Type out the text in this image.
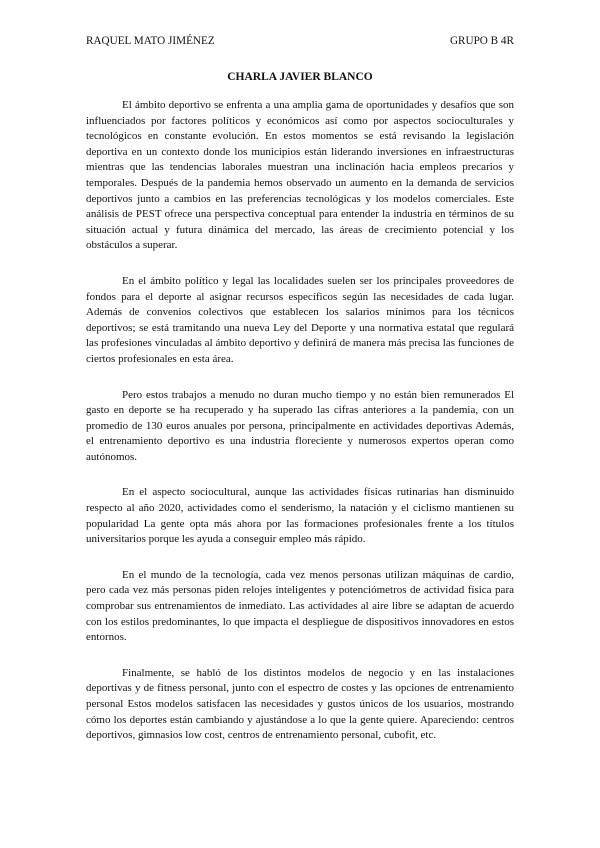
RAQUEL MATO JIMÉNEZ	GRUPO B 4R
CHARLA JAVIER BLANCO

El ámbito deportivo se enfrenta a una amplia gama de oportunidades y desafíos que son influenciados por factores políticos y económicos así como por aspectos socioculturales y tecnológicos en constante evolución. En estos momentos se está revisando la legislación deportiva en un contexto donde los municipios están liderando inversiones en infraestructuras mientras que las tendencias laborales muestran una inclinación hacia empleos precarios y temporales. Después de la pandemia hemos observado un aumento en la demanda de servicios deportivos junto a cambios en las preferencias tecnológicas y los modelos comerciales. Este análisis de PEST ofrece una perspectiva conceptual para entender la industria en términos de su situación actual y futura dinámica del mercado, las áreas de crecimiento potencial y los obstáculos a superar.

En el ámbito político y legal las localidades suelen ser los principales proveedores de fondos para el deporte al asignar recursos específicos según las necesidades de cada lugar. Además de convenios colectivos que establecen los salarios mínimos para los técnicos deportivos; se está tramitando una nueva Ley del Deporte y una normativa estatal que regulará las profesiones vinculadas al ámbito deportivo y definirá de manera más precisa las funciones de ciertos profesionales en esta área.

Pero estos trabajos a menudo no duran mucho tiempo y no están bien remunerados El gasto en deporte se ha recuperado y ha superado las cifras anteriores a la pandemia, con un promedio de 130 euros anuales por persona, principalmente en actividades deportivas Además, el entrenamiento deportivo es una industria floreciente y numerosos expertos operan como autónomos.

En el aspecto sociocultural, aunque las actividades físicas rutinarias han disminuido respecto al año 2020, actividades como el senderismo, la natación y el ciclismo mantienen su popularidad La gente opta más ahora por las formaciones profesionales frente a los títulos universitarios porque les ayuda a conseguir empleo más rápido.

En el mundo de la tecnología, cada vez menos personas utilizan máquinas de cardio, pero cada vez más personas piden relojes inteligentes y potenciómetros de actividad física para comprobar sus entrenamientos de inmediato. Las actividades al aire libre se adaptan de acuerdo con los estilos predominantes, lo que impacta el despliegue de dispositivos innovadores en estos entornos.

Finalmente, se habló de los distintos modelos de negocio y en las instalaciones deportivas y de fitness personal, junto con el espectro de costes y las opciones de entrenamiento personal Estos modelos satisfacen las necesidades y gustos únicos de los usuarios, mostrando cómo los deportes están cambiando y ajustándose a lo que la gente quiere. Apareciendo: centros deportivos, gimnasios low cost, centros de entrenamiento personal, cubofit, etc.
